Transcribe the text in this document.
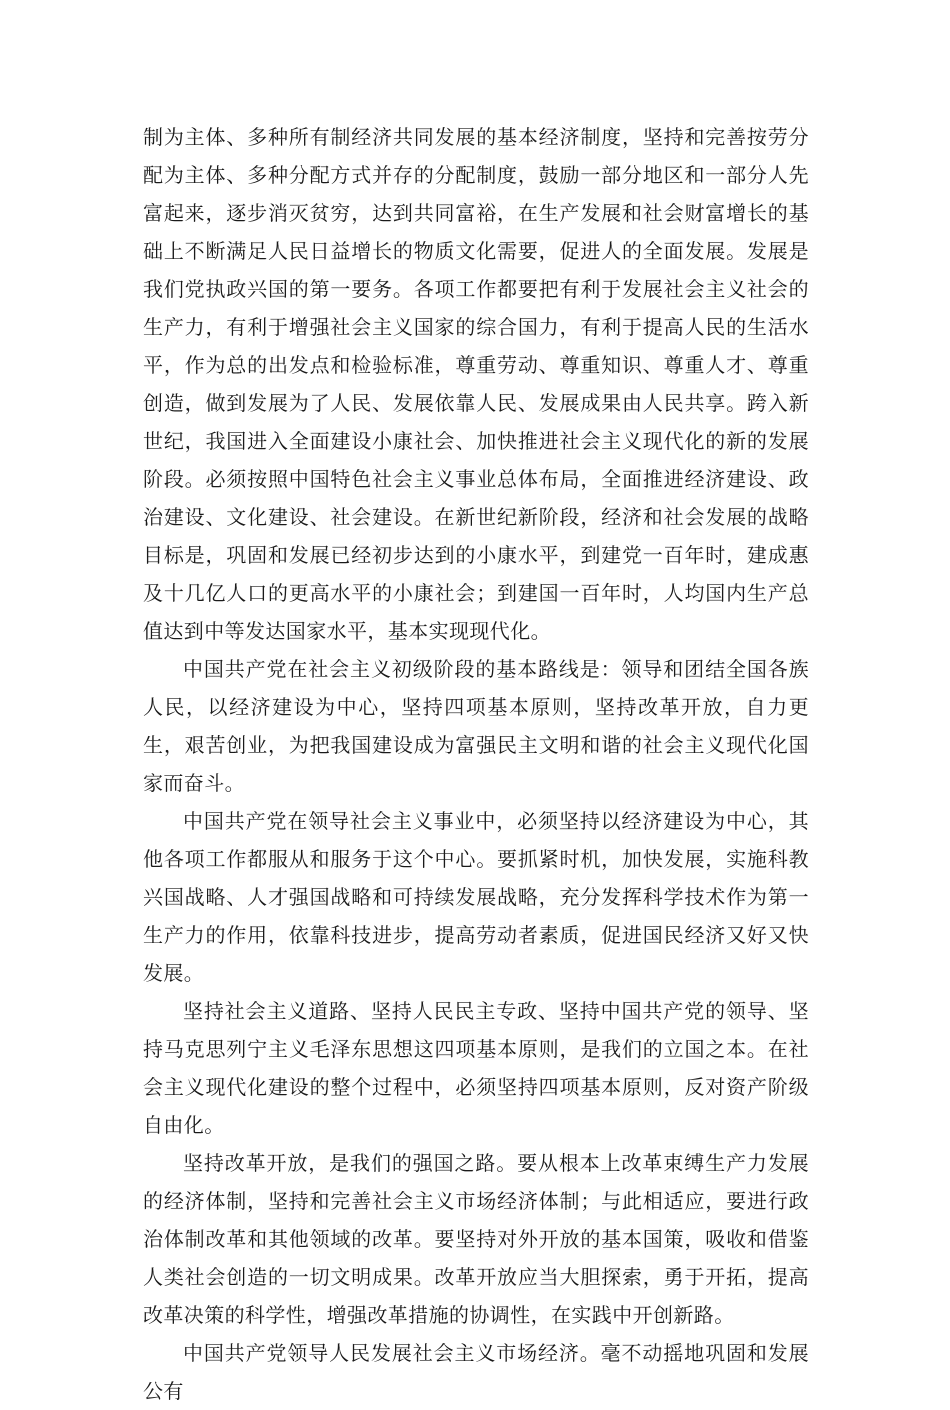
制为主体、多种所有制经济共同发展的基本经济制度，坚持和完善按劳分配为主体、多种分配方式并存的分配制度，鼓励一部分地区和一部分人先富起来，逐步消灭贫穷，达到共同富裕，在生产发展和社会财富增长的基础上不断满足人民日益增长的物质文化需要，促进人的全面发展。发展是我们党执政兴国的第一要务。各项工作都要把有利于发展社会主义社会的生产力，有利于增强社会主义国家的综合国力，有利于提高人民的生活水平，作为总的出发点和检验标准，尊重劳动、尊重知识、尊重人才、尊重创造，做到发展为了人民、发展依靠人民、发展成果由人民共享。跨入新世纪，我国进入全面建设小康社会、加快推进社会主义现代化的新的发展阶段。必须按照中国特色社会主义事业总体布局，全面推进经济建设、政治建设、文化建设、社会建设。在新世纪新阶段，经济和社会发展的战略目标是，巩固和发展已经初步达到的小康水平，到建党一百年时，建成惠及十几亿人口的更高水平的小康社会；到建国一百年时，人均国内生产总值达到中等发达国家水平，基本实现现代化。

中国共产党在社会主义初级阶段的基本路线是：领导和团结全国各族人民，以经济建设为中心，坚持四项基本原则，坚持改革开放，自力更生，艰苦创业，为把我国建设成为富强民主文明和谐的社会主义现代化国家而奋斗。

中国共产党在领导社会主义事业中，必须坚持以经济建设为中心，其他各项工作都服从和服务于这个中心。要抓紧时机，加快发展，实施科教兴国战略、人才强国战略和可持续发展战略，充分发挥科学技术作为第一生产力的作用，依靠科技进步，提高劳动者素质，促进国民经济又好又快发展。

坚持社会主义道路、坚持人民民主专政、坚持中国共产党的领导、坚持马克思列宁主义毛泽东思想这四项基本原则，是我们的立国之本。在社会主义现代化建设的整个过程中，必须坚持四项基本原则，反对资产阶级自由化。

坚持改革开放，是我们的强国之路。要从根本上改革束缚生产力发展的经济体制，坚持和完善社会主义市场经济体制；与此相适应，要进行政治体制改革和其他领域的改革。要坚持对外开放的基本国策，吸收和借鉴人类社会创造的一切文明成果。改革开放应当大胆探索，勇于开拓，提高改革决策的科学性，增强改革措施的协调性，在实践中开创新路。

中国共产党领导人民发展社会主义市场经济。毫不动摇地巩固和发展公有
